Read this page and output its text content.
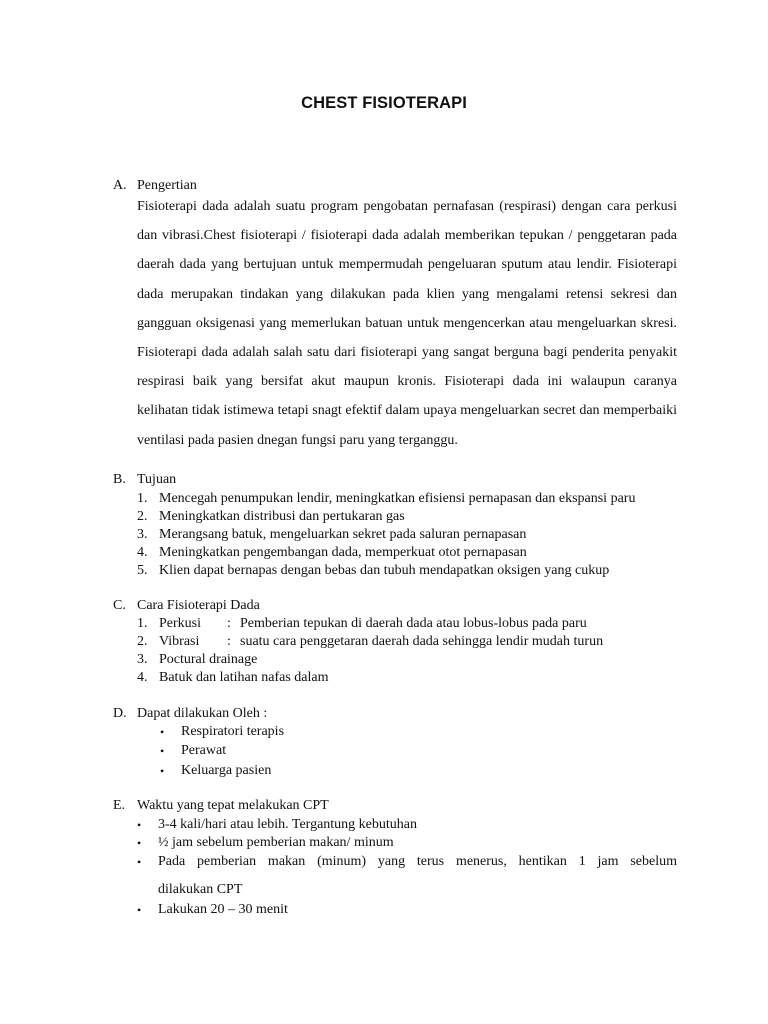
CHEST FISIOTERAPI
A. Pengertian

Fisioterapi dada adalah suatu program pengobatan pernafasan (respirasi) dengan cara perkusi dan vibrasi.Chest fisioterapi / fisioterapi dada adalah memberikan tepukan / penggetaran pada daerah dada yang bertujuan untuk mempermudah pengeluaran sputum atau lendir. Fisioterapi dada merupakan tindakan yang dilakukan pada klien yang mengalami retensi sekresi dan gangguan oksigenasi yang memerlukan batuan untuk mengencerkan atau mengeluarkan skresi. Fisioterapi dada adalah salah satu dari fisioterapi yang sangat berguna bagi penderita penyakit respirasi baik yang bersifat akut maupun kronis. Fisioterapi dada ini walaupun caranya kelihatan tidak istimewa tetapi snagt efektif dalam upaya mengeluarkan secret dan memperbaiki ventilasi pada pasien dnegan fungsi paru yang terganggu.

B. Tujuan
1. Mencegah penumpukan lendir, meningkatkan efisiensi pernapasan dan ekspansi paru
2. Meningkatkan distribusi dan pertukaran gas
3. Merangsang batuk, mengeluarkan sekret pada saluran pernapasan
4. Meningkatkan pengembangan dada, memperkuat otot pernapasan
5. Klien dapat bernapas dengan bebas dan tubuh mendapatkan oksigen yang cukup
C. Cara Fisioterapi Dada
1. Perkusi : Pemberian tepukan di daerah dada atau lobus-lobus pada paru
2. Vibrasi : suatu cara penggetaran daerah dada sehingga lendir mudah turun
3. Poctural drainage
4. Batuk dan latihan nafas dalam
D. Dapat dilakukan Oleh :
• Respiratori terapis
• Perawat
• Keluarga pasien
E. Waktu yang tepat melakukan CPT
• 3-4 kali/hari atau lebih. Tergantung kebutuhan
• ½ jam sebelum pemberian makan/ minum
• Pada pemberian makan (minum) yang terus menerus, hentikan 1 jam sebelum
dilakukan CPT
• Lakukan 20 – 30 menit
